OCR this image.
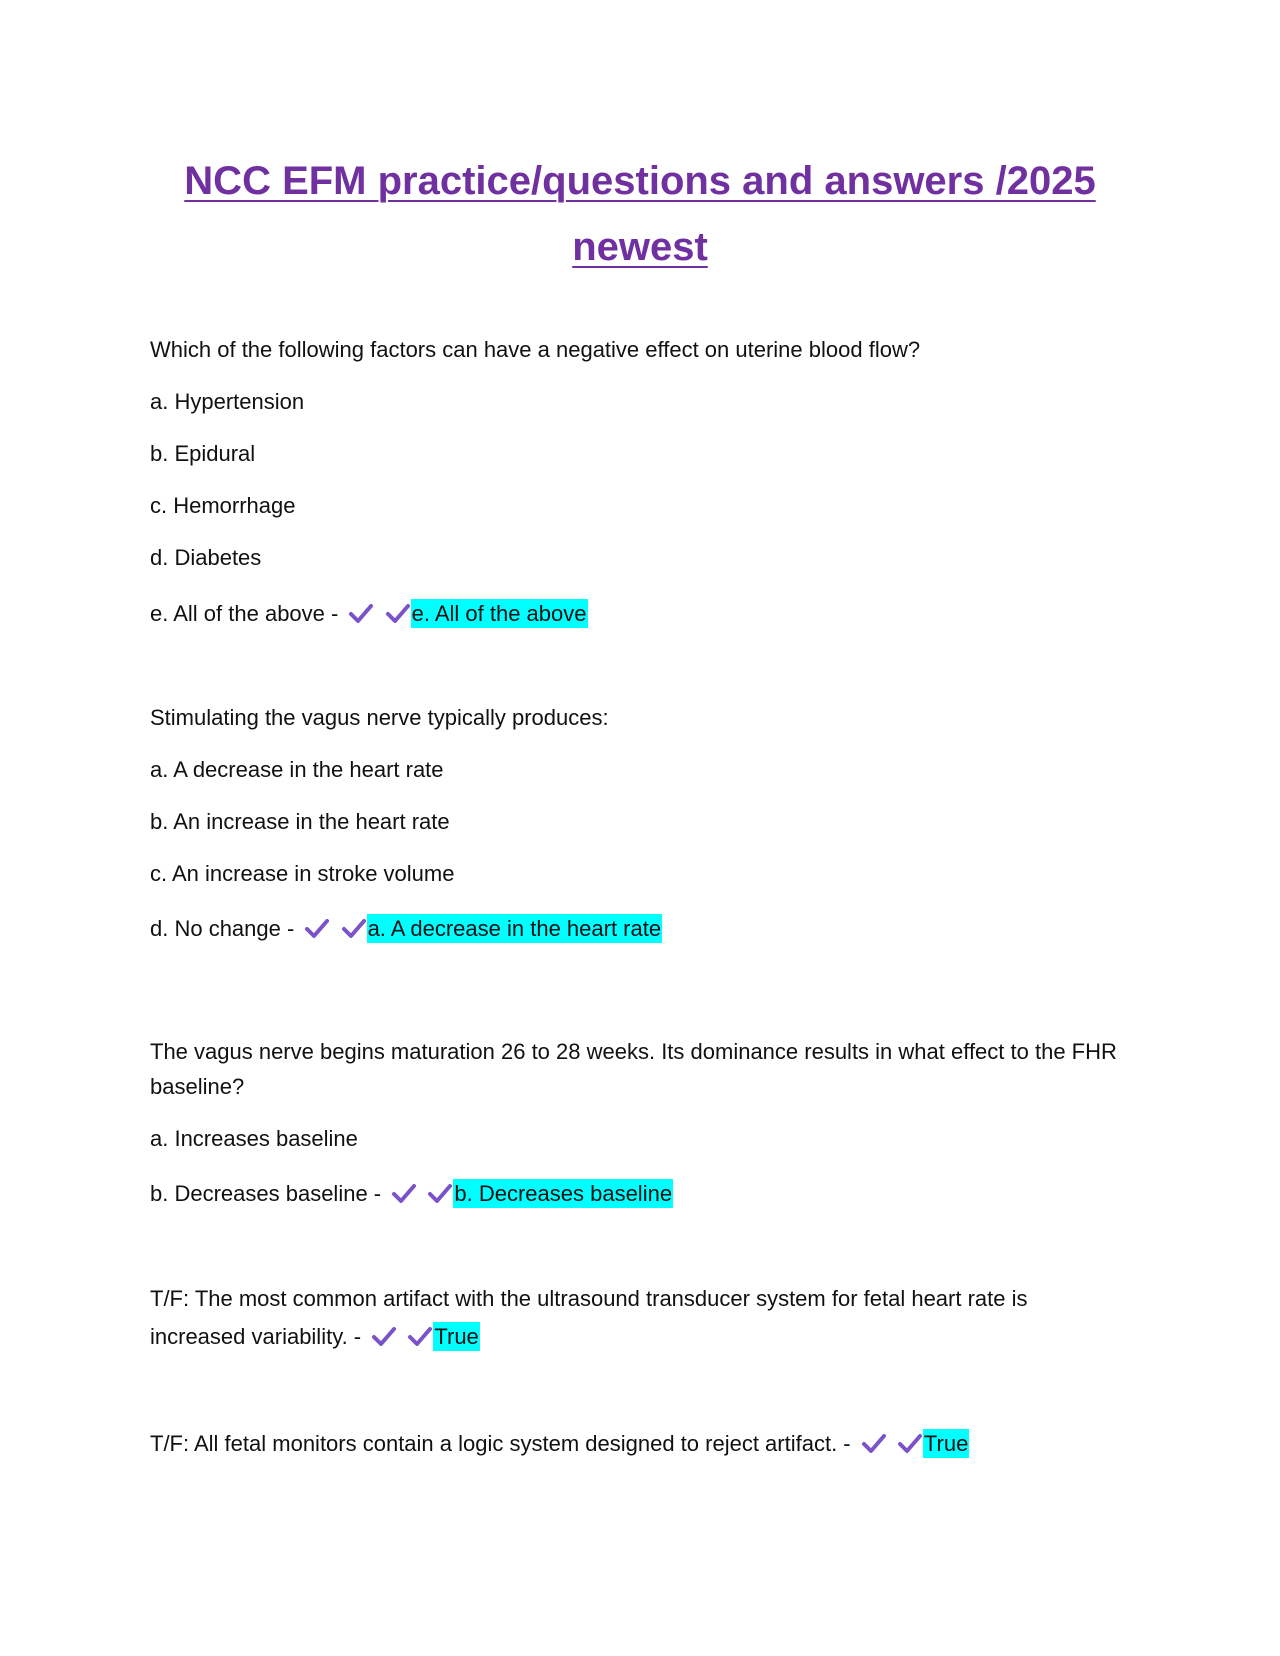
NCC EFM practice/questions and answers /2025 newest
Which of the following factors can have a negative effect on uterine blood flow?
a. Hypertension
b. Epidural
c. Hemorrhage
d. Diabetes
e. All of the above -
	e. All of the above
Stimulating the vagus nerve typically produces:
a. A decrease in the heart rate
b. An increase in the heart rate
c. An increase in stroke volume
d. No change -
	a. A decrease in the heart rate
The vagus nerve begins maturation 26 to 28 weeks. Its dominance results in what effect to the FHR baseline?
a. Increases baseline
b. Decreases baseline -
	b. Decreases baseline
T/F: The most common artifact with the ultrasound transducer system for fetal heart rate is
increased variability. -
	True
T/F: All fetal monitors contain a logic system designed to reject artifact. -
	True
